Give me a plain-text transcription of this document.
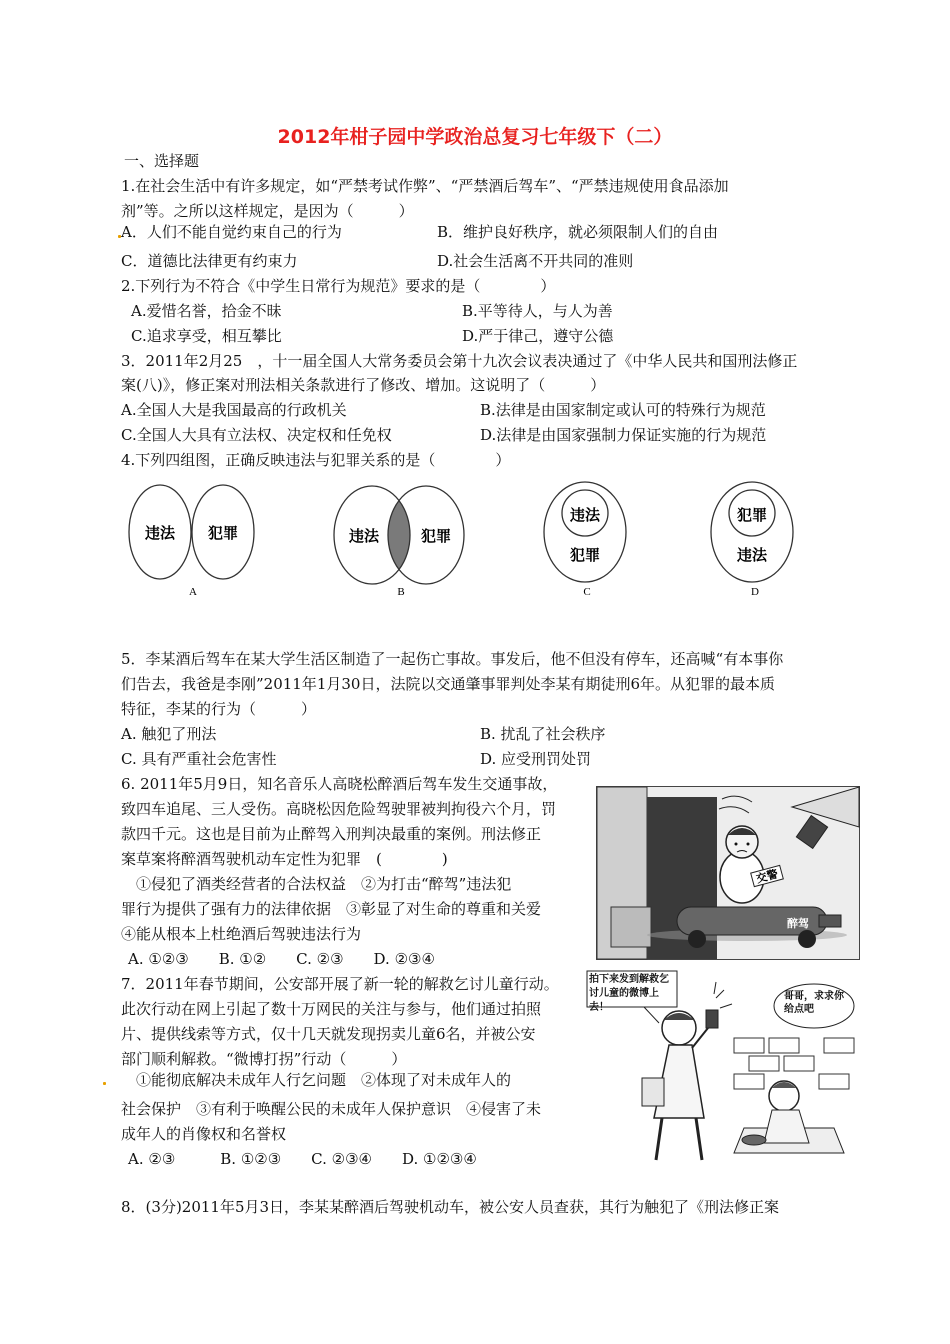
2012年柑子园中学政治总复习七年级下（二）
一、选择题
1.在社会生活中有许多规定，如“严禁考试作弊”、“严禁酒后驾车”、“严禁违规使用食品添加
剂”等。之所以这样规定，是因为（　　　）
A．人们不能自觉约束自己的行为	B．维护良好秩序，就必须限制人们的自由
C．道德比法律更有约束力	D.社会生活离不开共同的准则
2.下列行为不符合《中学生日常行为规范》要求的是（　　　　）
A.爱惜名誉，拾金不昧	B.平等待人，与人为善
C.追求享受，相互攀比	D.严于律己，遵守公德
3．2011年2月25　，十一届全国人大常务委员会第十九次会议表决通过了《中华人民共和国刑法修正
案(八)》，修正案对刑法相关条款进行了修改、增加。这说明了（　　　）
A.全国人大是我国最高的行政机关	B.法律是由国家制定或认可的特殊行为规范
C.全国人大具有立法权、决定权和任免权	D.法律是由国家强制力保证实施的行为规范
4.下列四组图，正确反映违法与犯罪关系的是（　　　　）
违法 犯罪
A
违法	犯罪
B
违法
犯罪
C
犯罪
违法
D
5．李某酒后驾车在某大学生活区制造了一起伤亡事故。事发后，他不但没有停车，还高喊“有本事你
们告去，我爸是李刚”2011年1月30日，法院以交通肇事罪判处李某有期徒刑6年。从犯罪的最本质
特征，李某的行为（　　　）
A. 触犯了刑法	B. 扰乱了社会秩序
C. 具有严重社会危害性	D. 应受刑罚处罚
6. 2011年5月9日，知名音乐人高晓松醉酒后驾车发生交通事故，
致四车追尾、三人受伤。高晓松因危险驾驶罪被判拘役六个月，罚
款四千元。这也是目前为止醉驾入刑判决最重的案例。刑法修正
案草案将醉酒驾驶机动车定性为犯罪　(　　　　)
　①侵犯了酒类经营者的合法权益　②为打击“醉驾”违法犯
罪行为提供了强有力的法律依据　③彰显了对生命的尊重和关爱
④能从根本上杜绝酒后驾驶违法行为
A. ①②③　　B. ①②　　C. ②③　　D. ②③④
交警
醉驾
7．2011年春节期间，公安部开展了新一轮的解救乞讨儿童行动。
此次行动在网上引起了数十万网民的关注与参与，他们通过拍照
片、提供线索等方式，仅十几天就发现拐卖儿童6名，并被公安
部门顺利解救。“微博打拐”行动（　　　）
　①能彻底解决未成年人行乞问题　②体现了对未成年人的
社会保护　③有利于唤醒公民的未成年人保护意识　④侵害了未
成年人的肖像权和名誉权
A. ②③　　　B. ①②③　　C. ②③④　　D. ①②③④
拍下来发到解救乞讨儿童的微博上去！
哥哥，求求你给点吧
8．(3分)2011年5月3日，李某某醉酒后驾驶机动车，被公安人员查获，其行为触犯了《刑法修正案
